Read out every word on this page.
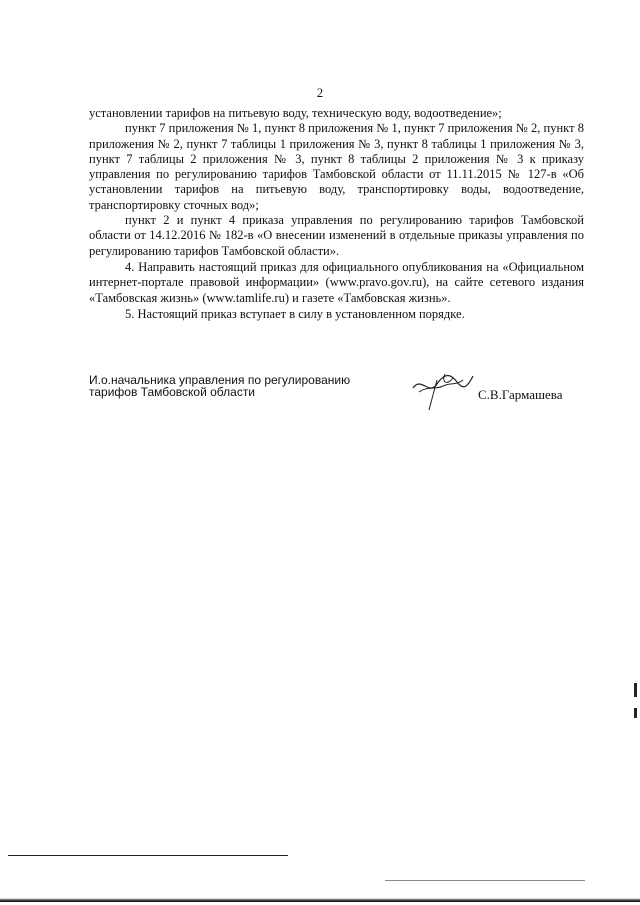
2

установлении тарифов на питьевую воду, техническую воду, водоотведение»;

пункт 7 приложения № 1, пункт 8 приложения № 1, пункт 7 приложения № 2, пункт 8 приложения № 2, пункт 7 таблицы 1 приложения № 3, пункт 8 таблицы 1 приложения № 3, пункт 7 таблицы 2 приложения № 3, пункт 8 таблицы 2 приложения № 3 к приказу управления по регулированию тарифов Тамбовской области от 11.11.2015 № 127-в «Об установлении тарифов на питьевую воду, транспортировку воды, водоотведение, транспортировку сточных вод»;

пункт 2 и пункт 4 приказа управления по регулированию тарифов Тамбовской области от 14.12.2016 № 182-в «О внесении изменений в отдельные приказы управления по регулированию тарифов Тамбовской области».

4. Направить настоящий приказ для официального опубликования на «Официальном интернет-портале правовой информации» (www.pravo.gov.ru), на сайте сетевого издания «Тамбовская жизнь» (www.tamlife.ru) и газете «Тамбовская жизнь».

5. Настоящий приказ вступает в силу в установленном порядке.

И.о.начальника управления по регулированию
тарифов Тамбовской области	С.В.Гармашева
